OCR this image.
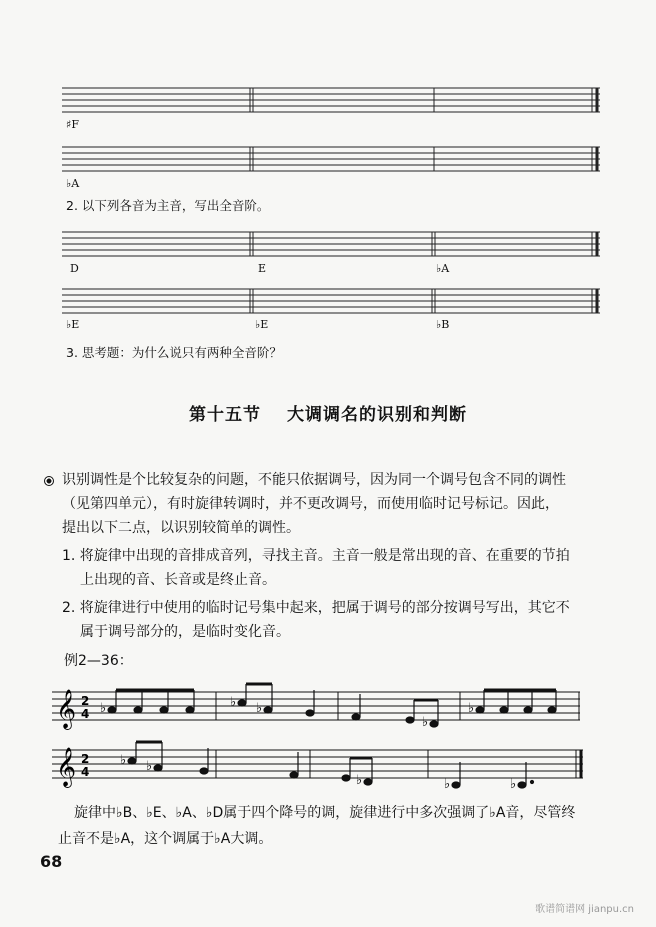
♯F
♭A
2. 以下列各音为主音，写出全音阶。
D	E	♭A
♭E	♭E	♭B
3. 思考题：为什么说只有两种全音阶？
第十五节 大调调名的识别和判断
识别调性是个比较复杂的问题，不能只依据调号，因为同一个调号包含不同的调性
（见第四单元），有时旋律转调时，并不更改调号，而使用临时记号标记。因此，
提出以下二点，以识别较简单的调性。
1. 将旋律中出现的音排成音列，寻找主音。主音一般是常出现的音、在重要的节拍
上出现的音、长音或是终止音。
2. 将旋律进行中使用的临时记号集中起来，把属于调号的部分按调号写出，其它不
属于调号部分的，是临时变化音。
例2—36：
𝄞 2
4 ♭	♭ ♭
♭
♭
𝄞 2
4
♭ ♭
♭	♭	♭
旋律中♭B、♭E、♭A、♭D属于四个降号的调，旋律进行中多次强调了♭A音，尽管终
止音不是♭A，这个调属于♭A大调。
68
歌谱简谱网 jianpu.cn
